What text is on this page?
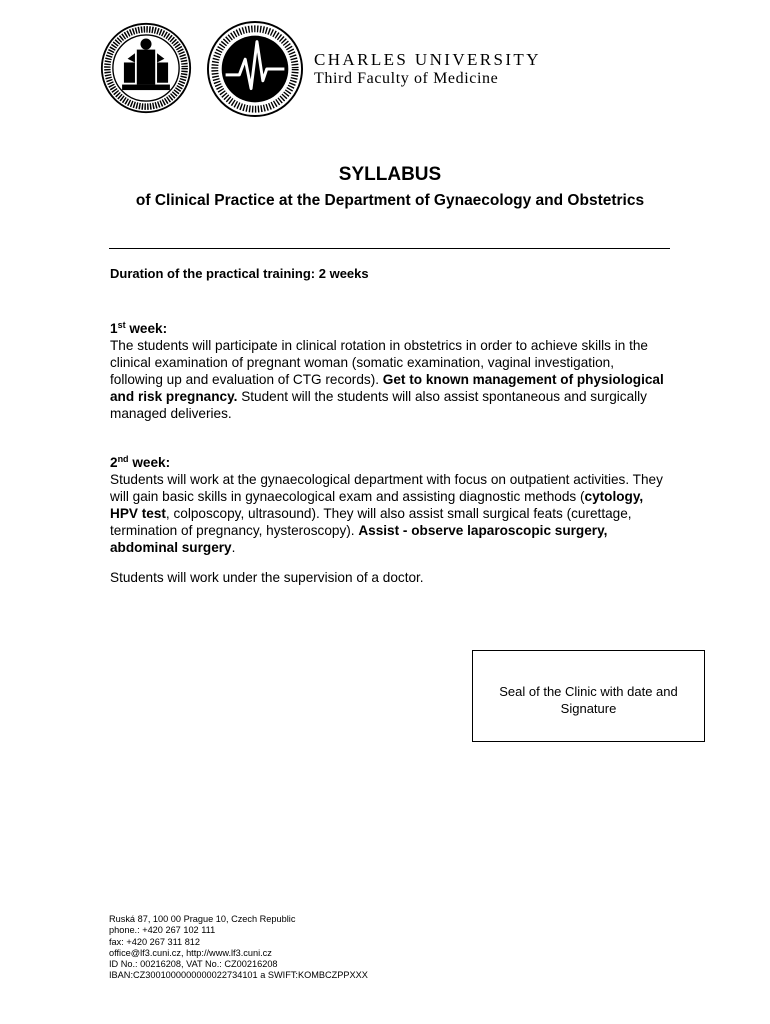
CHARLES UNIVERSITY
Third Faculty of Medicine
SYLLABUS
of Clinical Practice at the Department of Gynaecology and Obstetrics
Duration of the practical training: 2 weeks
1st week:

The students will participate in clinical rotation in obstetrics in order to achieve skills in the clinical examination of pregnant woman (somatic examination, vaginal investigation, following up and evaluation of CTG records). Get to known management of physiological and risk pregnancy. Student will the students will also assist spontaneous and surgically managed deliveries.

2nd week:

Students will work at the gynaecological department with focus on outpatient activities. They will gain basic skills in gynaecological exam and assisting diagnostic methods (cytology, HPV test, colposcopy, ultrasound). They will also assist small surgical feats (curettage, termination of pregnancy, hysteroscopy). Assist - observe laparoscopic surgery, abdominal surgery.

Students will work under the supervision of a doctor.
Seal of the Clinic with date and
Signature
Ruská 87, 100 00 Prague 10, Czech Republic
phone.: +420 267 102 111
fax: +420 267 311 812
office@lf3.cuni.cz, http://www.lf3.cuni.cz
ID No.: 00216208, VAT No.: CZ00216208
IBAN:CZ3001000000000022734101 a SWIFT:KOMBCZPPXXX
